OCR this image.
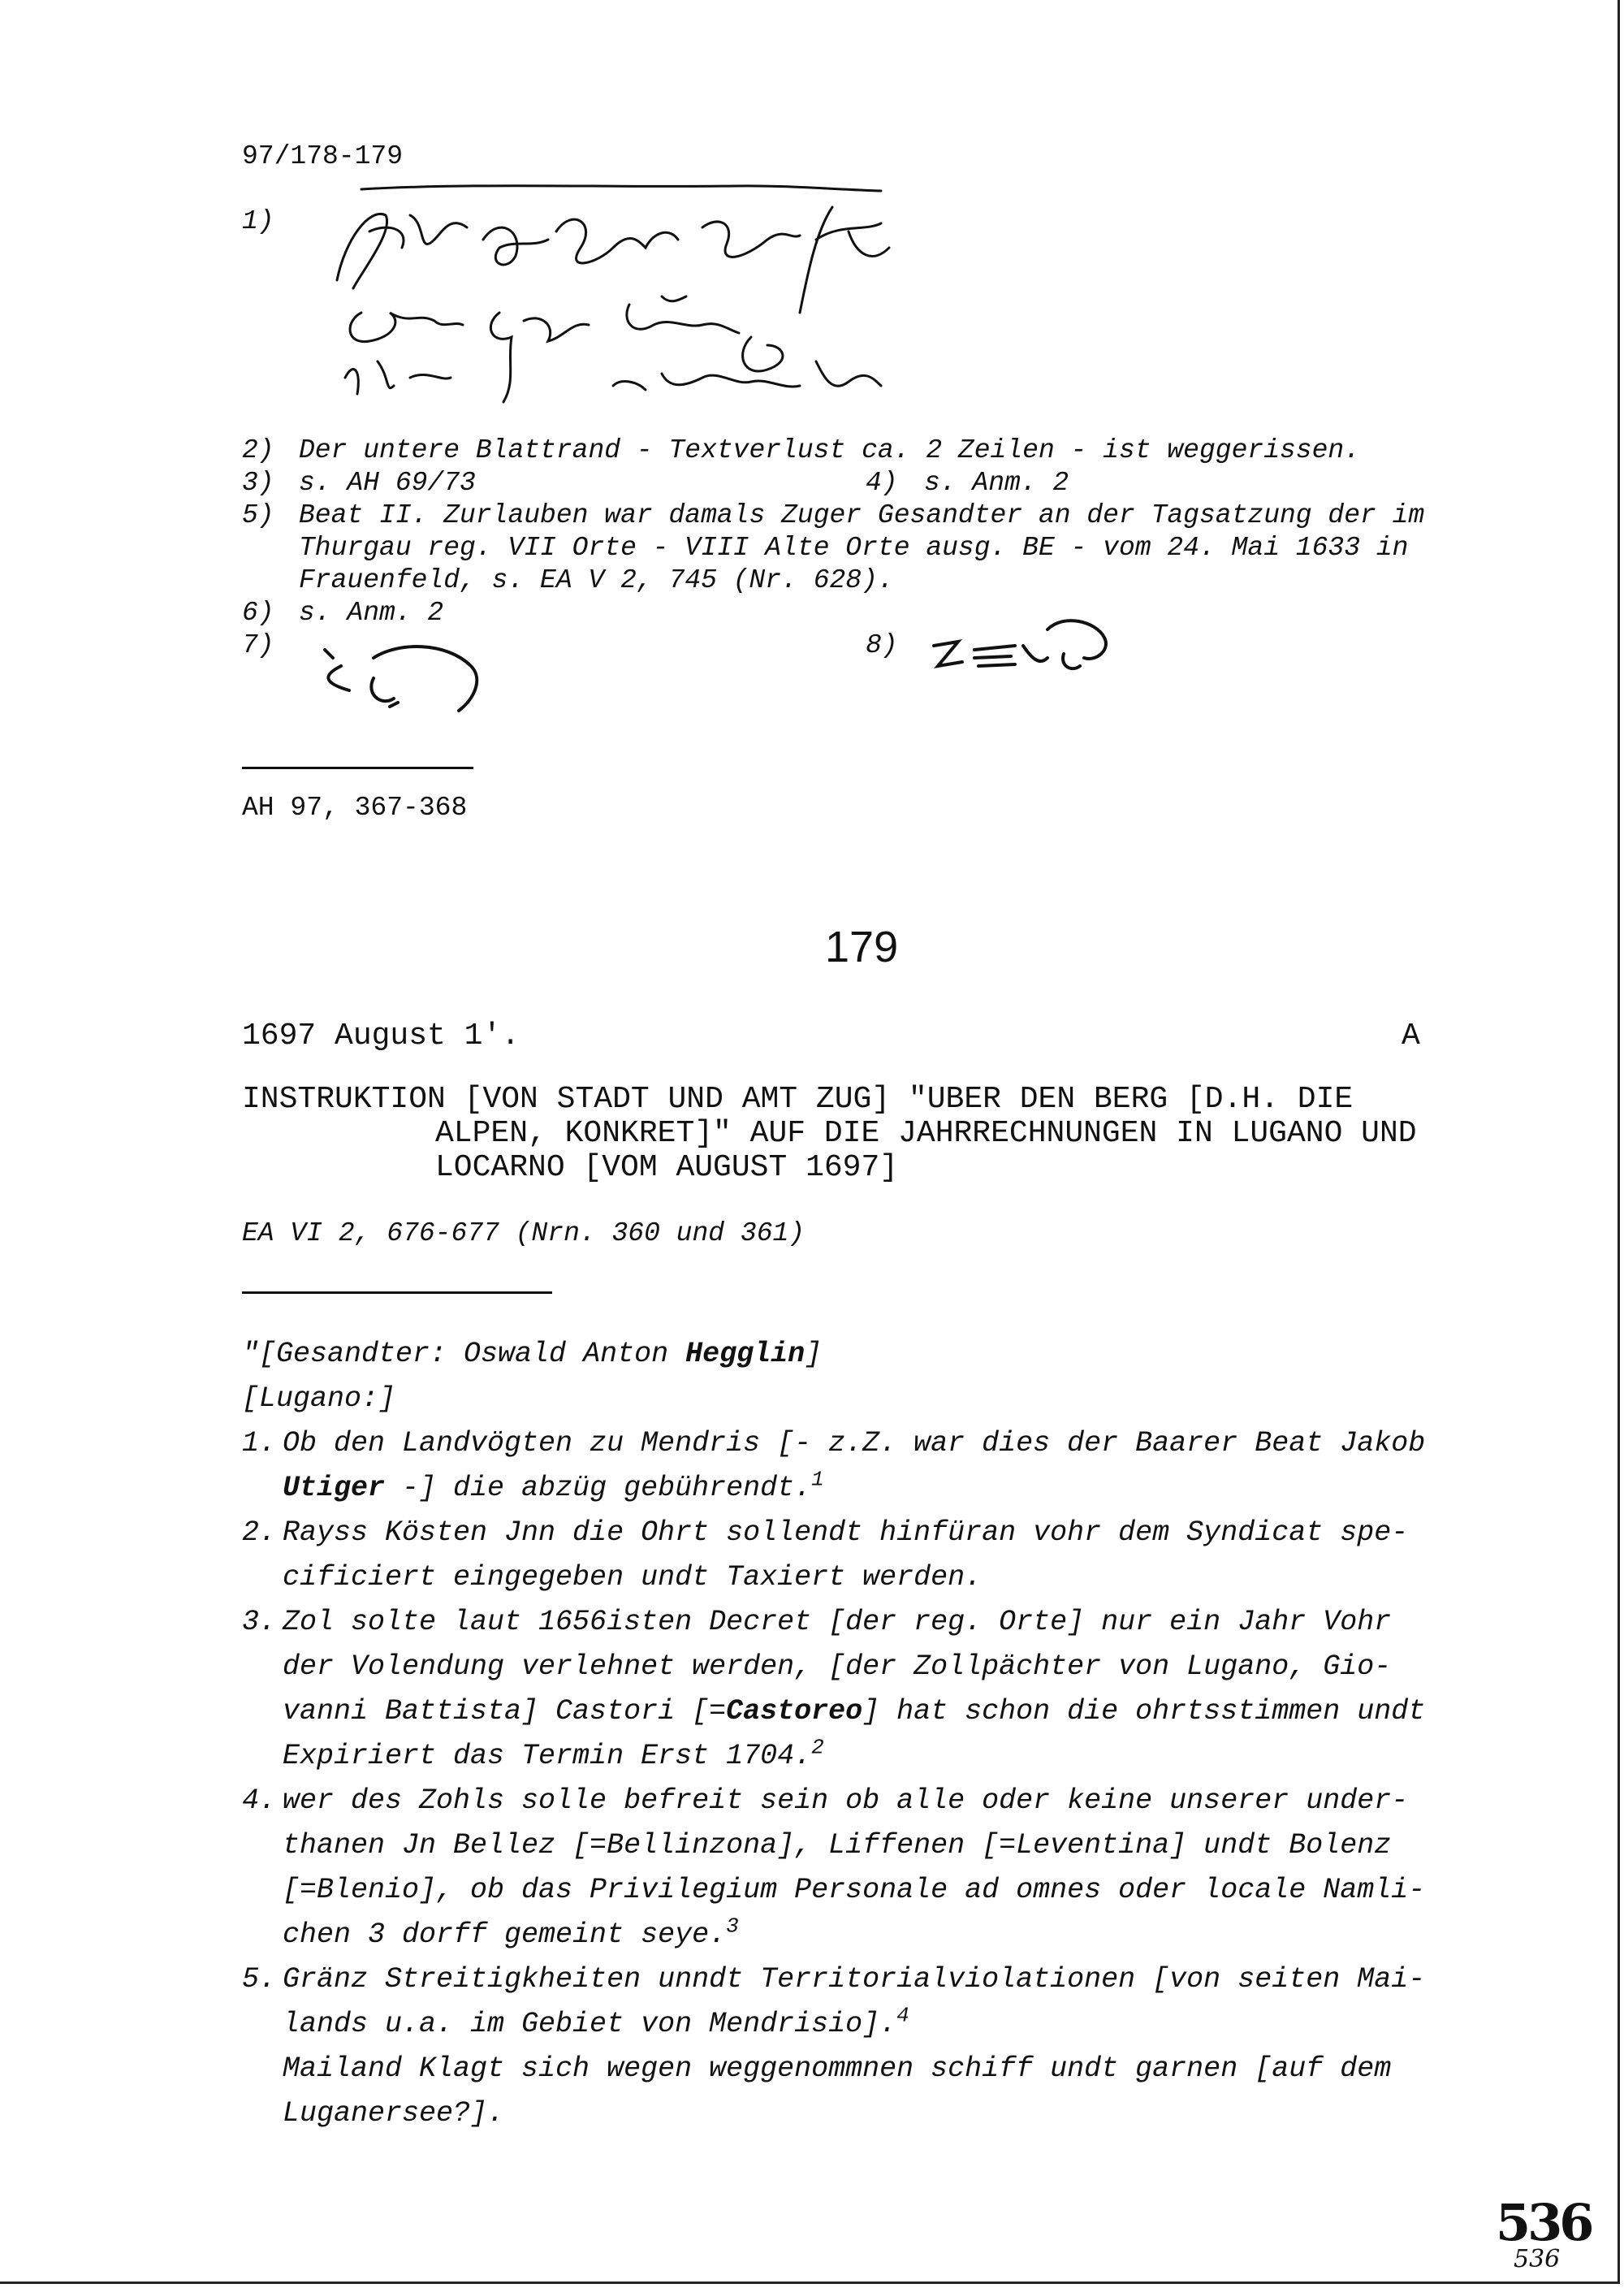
97/178-179
1)
2) Der untere Blattrand - Textverlust ca. 2 Zeilen - ist weggerissen.
3) s. AH 69/73	4) s. Anm. 2
5) Beat II. Zurlauben war damals Zuger Gesandter an der Tagsatzung der im
Thurgau reg. VII Orte - VIII Alte Orte ausg. BE - vom 24. Mai 1633 in
Frauenfeld, s. EA V 2, 745 (Nr. 628).
6) s. Anm. 2
7)	8)
AH 97, 367-368
179
1697 August 1'.	A
INSTRUKTION [VON STADT UND AMT ZUG] "UBER DEN BERG [D.H. DIE
ALPEN, KONKRET]" AUF DIE JAHRRECHNUNGEN IN LUGANO UND
LOCARNO [VOM AUGUST 1697]
EA VI 2, 676-677 (Nrn. 360 und 361)
"[Gesandter: Oswald Anton Hegglin]
[Lugano:]
1. Ob den Landvögten zu Mendris [- z.Z. war dies der Baarer Beat Jakob
Utiger -] die abzüg gebührendt.$^1$
2. Rayss Kösten Jnn die Ohrt sollendt hinfüran vohr dem Syndicat spe-
cificiert eingegeben undt Taxiert werden.
3. Zol solte laut 1656isten Decret [der reg. Orte] nur ein Jahr Vohr
der Volendung verlehnet werden, [der Zollpächter von Lugano, Gio-
vanni Battista] Castori [=Castoreo] hat schon die ohrtsstimmen undt
Expiriert das Termin Erst 1704.$^2$
4. wer des Zohls solle befreit sein ob alle oder keine unserer under-
thanen Jn Bellez [=Bellinzona], Liffenen [=Leventina] undt Bolenz
[=Blenio], ob das Privilegium Personale ad omnes oder locale Namli-
chen 3 dorff gemeint seye.$^3$
5. Gränz Streitigkheiten unndt Territorialviolationen [von seiten Mai-
lands u.a. im Gebiet von Mendrisio].$^4$
Mailand Klagt sich wegen weggenommnen schiff undt garnen [auf dem
Luganersee?].
536
536
